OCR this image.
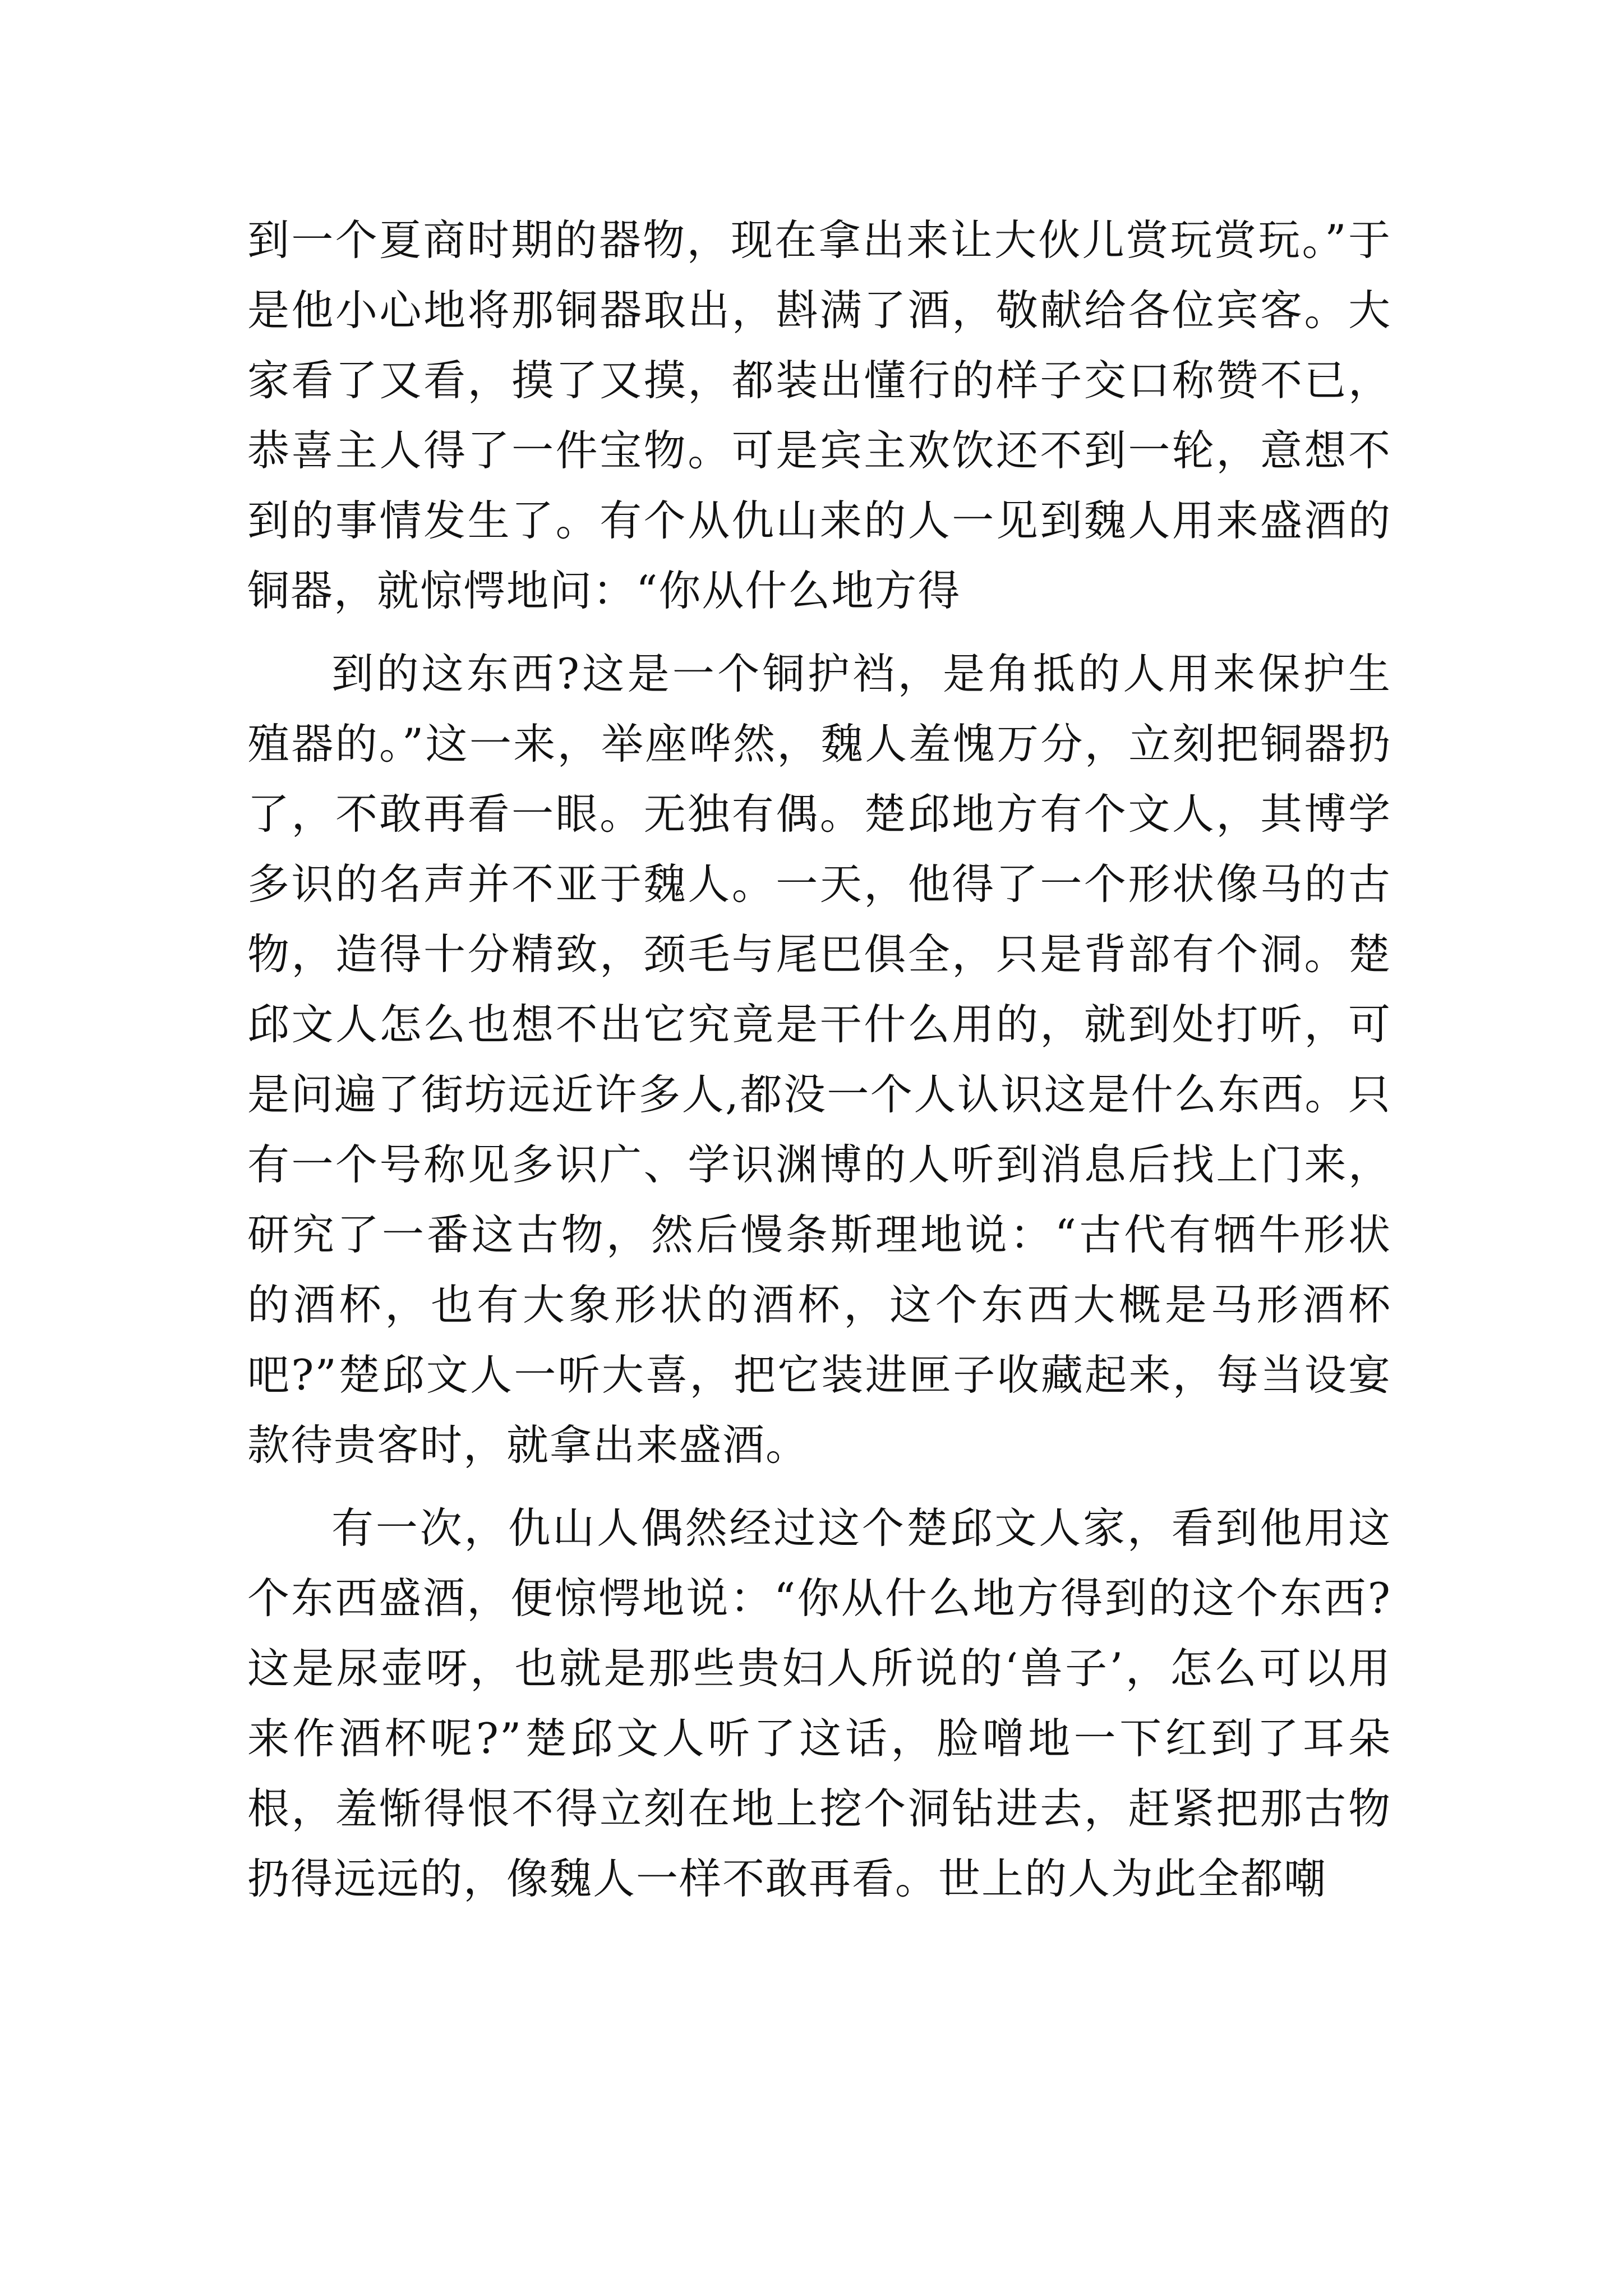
到一个夏商时期的器物，现在拿出来让大伙儿赏玩赏玩。”于是他小心地将那铜器取出，斟满了酒，敬献给各位宾客。大家看了又看，摸了又摸，都装出懂行的样子交口称赞不已，恭喜主人得了一件宝物。可是宾主欢饮还不到一轮，意想不到的事情发生了。有个从仇山来的人一见到魏人用来盛酒的铜器，就惊愕地问：“你从什么地方得

到的这东西?这是一个铜护裆，是角抵的人用来保护生殖器的。”这一来，举座哗然，魏人羞愧万分，立刻把铜器扔了，不敢再看一眼。无独有偶。楚邱地方有个文人，其博学多识的名声并不亚于魏人。一天，他得了一个形状像马的古物，造得十分精致，颈毛与尾巴俱全，只是背部有个洞。楚邱文人怎么也想不出它究竟是干什么用的，就到处打听，可是问遍了街坊远近许多人,都没一个人认识这是什么东西。只有一个号称见多识广、学识渊博的人听到消息后找上门来，研究了一番这古物，然后慢条斯理地说：“古代有牺牛形状的酒杯，也有大象形状的酒杯，这个东西大概是马形酒杯吧?”楚邱文人一听大喜，把它装进匣子收藏起来，每当设宴款待贵客时，就拿出来盛酒。

有一次，仇山人偶然经过这个楚邱文人家，看到他用这个东西盛酒，便惊愕地说：“你从什么地方得到的这个东西?这是尿壶呀，也就是那些贵妇人所说的‘兽子’，怎么可以用来作酒杯呢?”楚邱文人听了这话，脸噌地一下红到了耳朵根，羞惭得恨不得立刻在地上挖个洞钻进去，赶紧把那古物扔得远远的，像魏人一样不敢再看。世上的人为此全都嘲
